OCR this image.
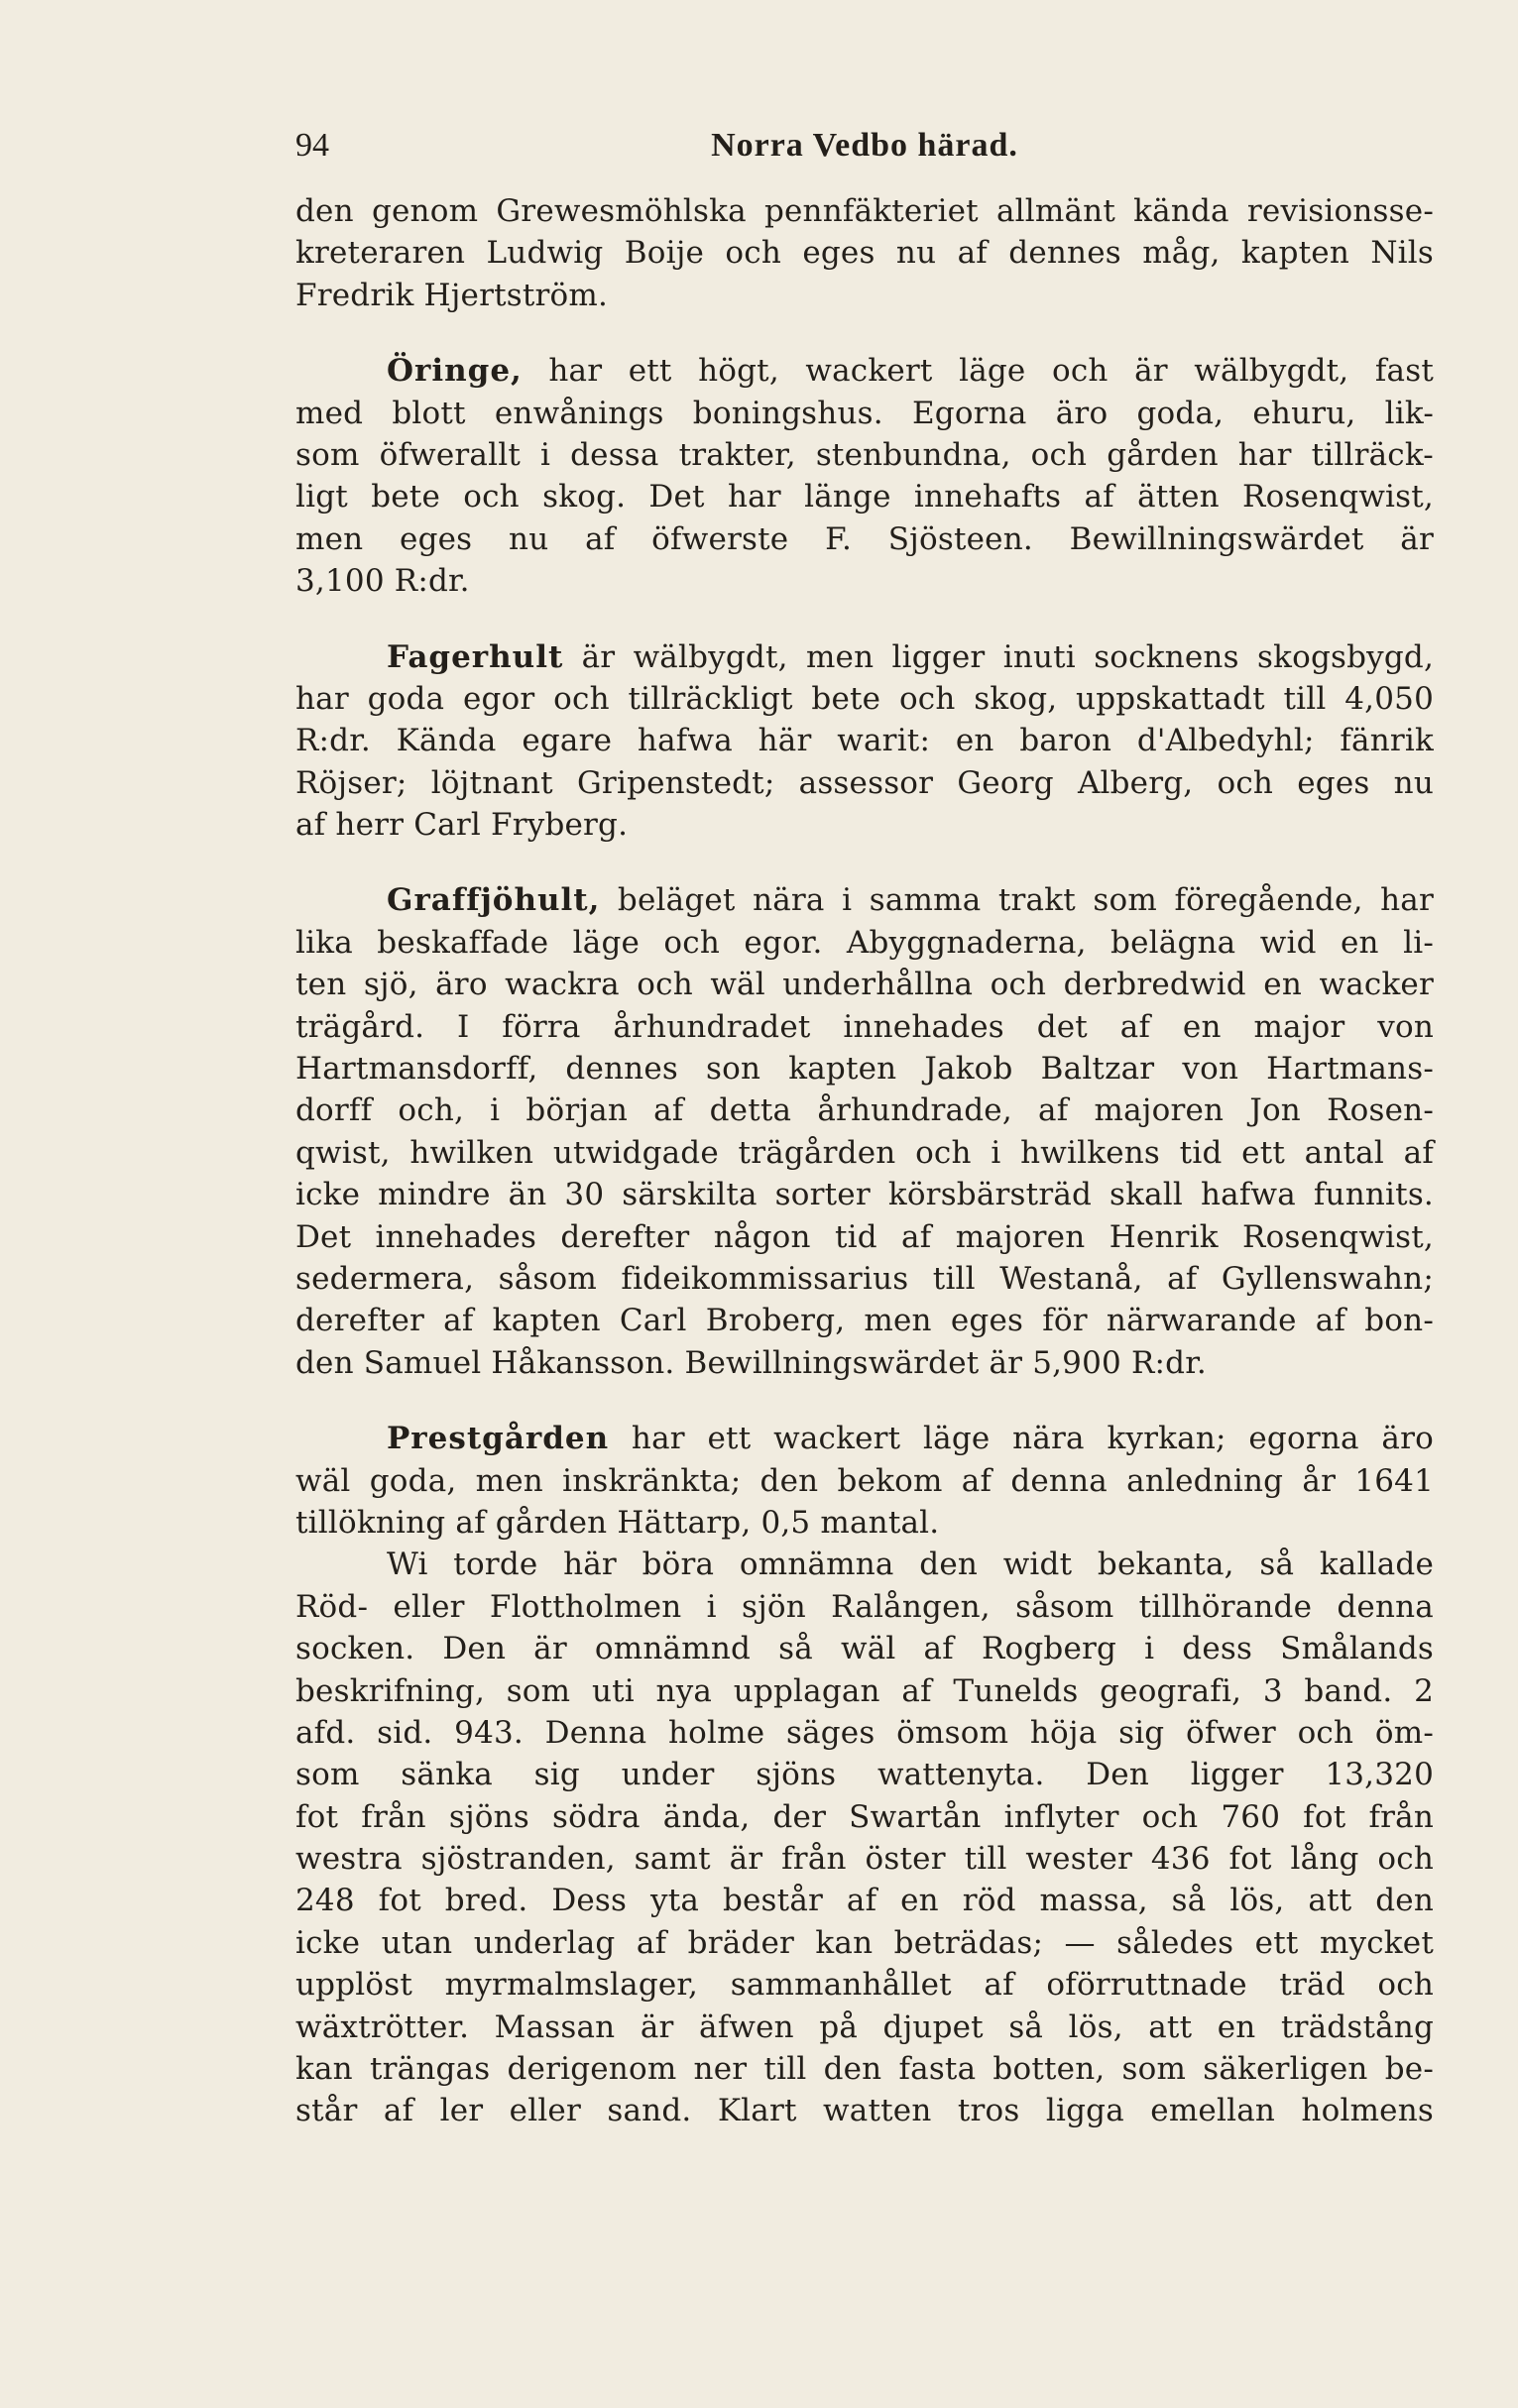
94	Norra Vedbo härad.
den genom Grewesmöhlska pennfäkteriet allmänt kända revisionsse-
kreteraren Ludwig Boije och eges nu af dennes måg, kapten Nils
Fredrik Hjertström.
Öringe, har ett högt, wackert läge och är wälbygdt, fast
med blott enwånings boningshus. Egorna äro goda, ehuru, lik-
som öfwerallt i dessa trakter, stenbundna, och gården har tillräck-
ligt bete och skog. Det har länge innehafts af ätten Rosenqwist,
men eges nu af öfwerste F. Sjösteen. Bewillningswärdet är
3,100 R:dr.
Fagerhult är wälbygdt, men ligger inuti socknens skogsbygd,
har goda egor och tillräckligt bete och skog, uppskattadt till 4,050
R:dr. Kända egare hafwa här warit: en baron d'Albedyhl; fänrik
Röjser; löjtnant Gripenstedt; assessor Georg Alberg, och eges nu
af herr Carl Fryberg.
Graffjöhult, beläget nära i samma trakt som föregående, har
lika beskaffade läge och egor. Abyggnaderna, belägna wid en li-
ten sjö, äro wackra och wäl underhållna och derbredwid en wacker
trägård. I förra århundradet innehades det af en major von
Hartmansdorff, dennes son kapten Jakob Baltzar von Hartmans-
dorff och, i början af detta århundrade, af majoren Jon Rosen-
qwist, hwilken utwidgade trägården och i hwilkens tid ett antal af
icke mindre än 30 särskilta sorter körsbärsträd skall hafwa funnits.
Det innehades derefter någon tid af majoren Henrik Rosenqwist,
sedermera, såsom fideikommissarius till Westanå, af Gyllenswahn;
derefter af kapten Carl Broberg, men eges för närwarande af bon-
den Samuel Håkansson. Bewillningswärdet är 5,900 R:dr.
Prestgården har ett wackert läge nära kyrkan; egorna äro
wäl goda, men inskränkta; den bekom af denna anledning år 1641
tillökning af gården Hättarp, 0,5 mantal.
Wi torde här böra omnämna den widt bekanta, så kallade
Röd- eller Flottholmen i sjön Ralången, såsom tillhörande denna
socken. Den är omnämnd så wäl af Rogberg i dess Smålands
beskrifning, som uti nya upplagan af Tunelds geografi, 3 band. 2
afd. sid. 943. Denna holme säges ömsom höja sig öfwer och öm-
som sänka sig under sjöns wattenyta. Den ligger 13,320
fot från sjöns södra ända, der Swartån inflyter och 760 fot från
westra sjöstranden, samt är från öster till wester 436 fot lång och
248 fot bred. Dess yta består af en röd massa, så lös, att den
icke utan underlag af bräder kan beträdas; — således ett mycket
upplöst myrmalmslager, sammanhållet af oförruttnade träd och
wäxtrötter. Massan är äfwen på djupet så lös, att en trädstång
kan trängas derigenom ner till den fasta botten, som säkerligen be-
står af ler eller sand. Klart watten tros ligga emellan holmens
